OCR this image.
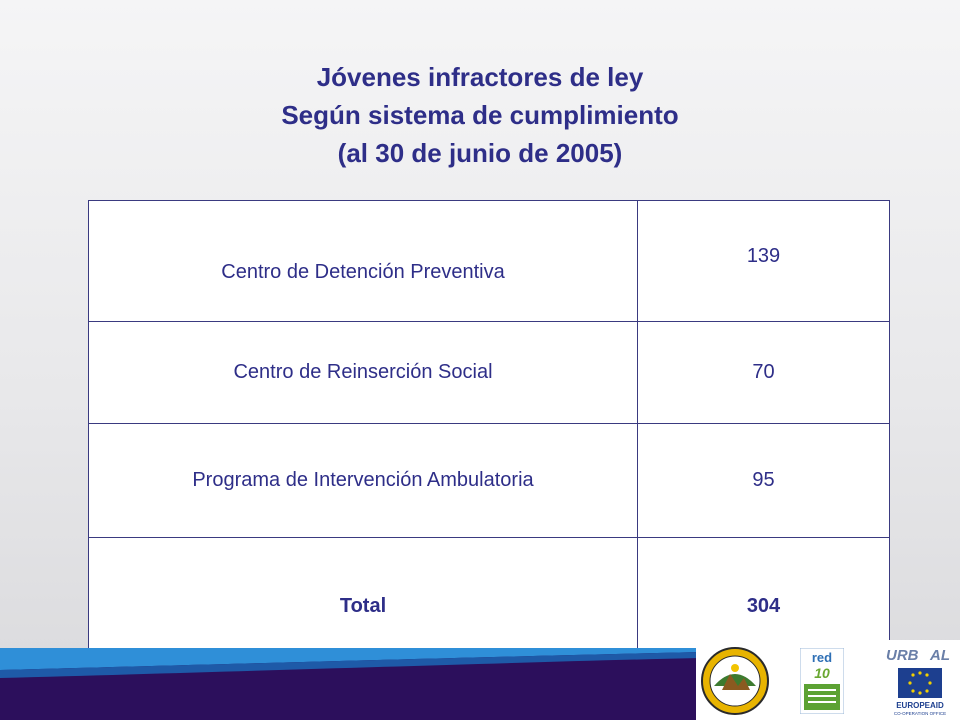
Jóvenes infractores de ley
Según sistema de cumplimiento
(al 30 de junio de 2005)
Centro de Detención Preventiva	139
Centro de Reinserción Social	70
Programa de Intervención Ambulatoria	95
Total	304
red
10
URB AL
EUROPEAID
CO-OPERATION OFFICE
